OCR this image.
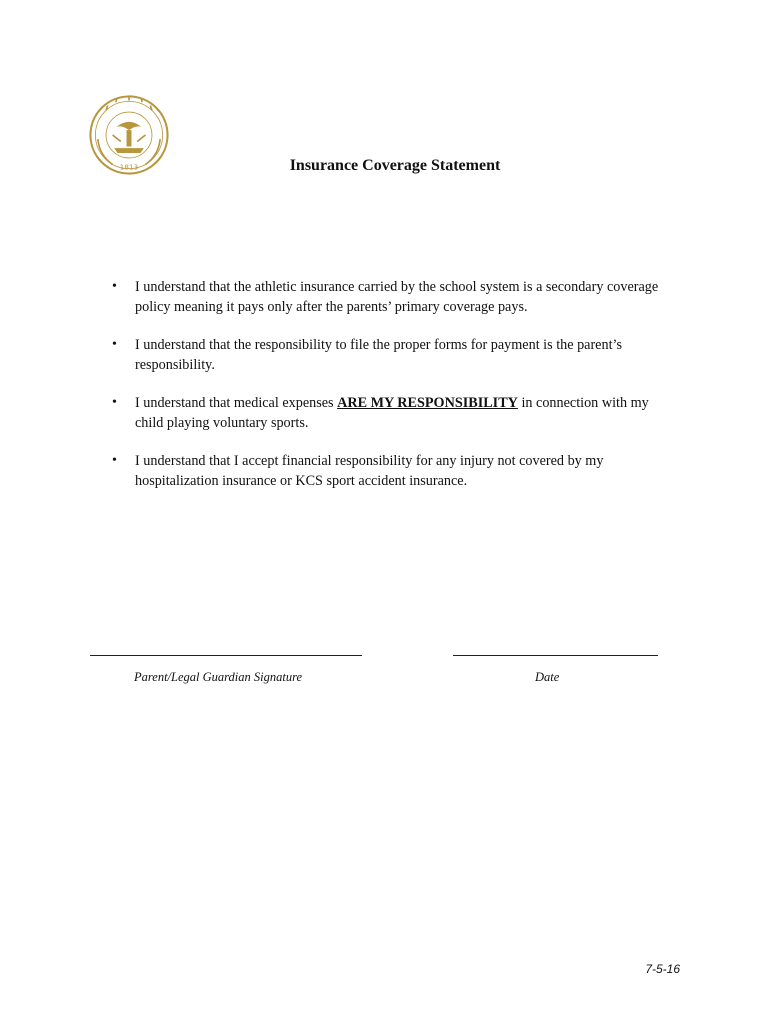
1813	Insurance Coverage Statement
• I understand that the athletic insurance carried by the school system is a secondary coverage policy meaning it pays only after the parents’ primary coverage pays.
• I understand that the responsibility to file the proper forms for payment is the parent’s responsibility.
• I understand that medical expenses ARE MY RESPONSIBILITY in connection with my child playing voluntary sports.
• I understand that I accept financial responsibility for any injury not covered by my hospitalization insurance or KCS sport accident insurance.
Parent/Legal Guardian Signature	Date
7-5-16
